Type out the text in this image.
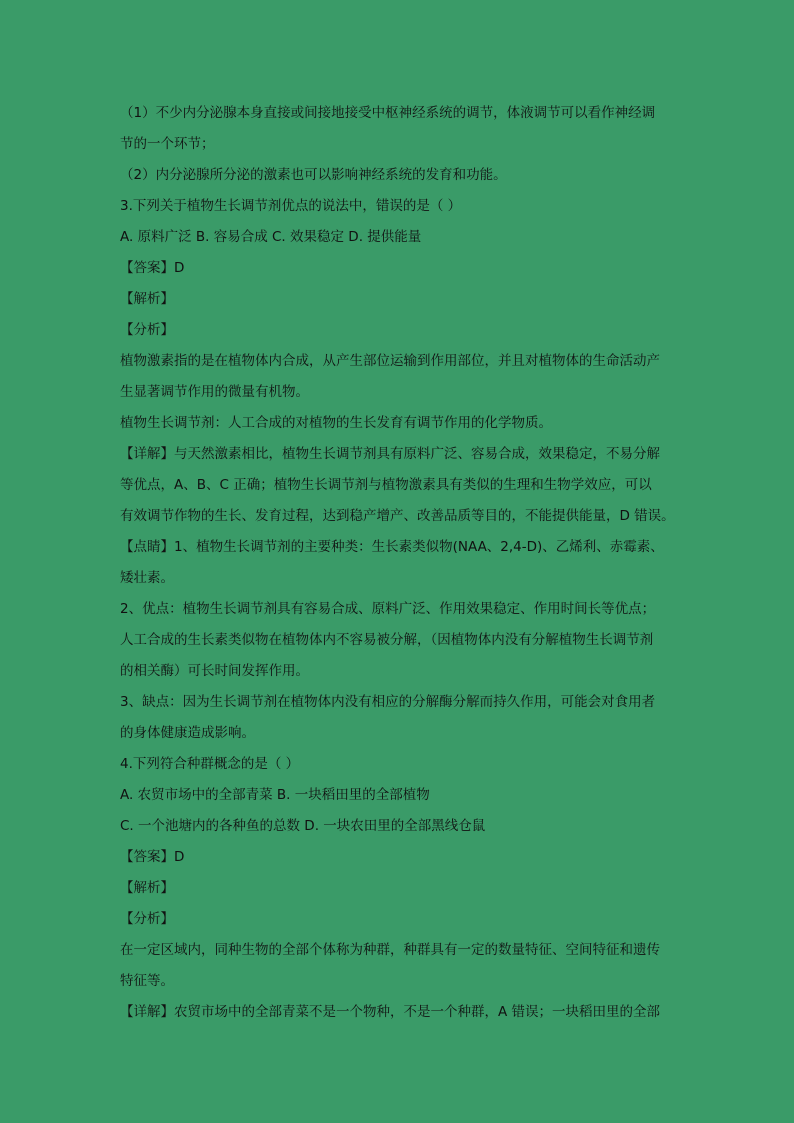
（1）不少内分泌腺本身直接或间接地接受中枢神经系统的调节，体液调节可以看作神经调
节的一个环节；
（2）内分泌腺所分泌的激素也可以影响神经系统的发育和功能。
3.下列关于植物生长调节剂优点的说法中，错误的是（ ）
A. 原料广泛 B. 容易合成 C. 效果稳定 D. 提供能量
【答案】D
【解析】
【分析】
植物激素指的是在植物体内合成，从产生部位运输到作用部位，并且对植物体的生命活动产
生显著调节作用的微量有机物。
植物生长调节剂：人工合成的对植物的生长发育有调节作用的化学物质。
【详解】与天然激素相比，植物生长调节剂具有原料广泛、容易合成，效果稳定，不易分解
等优点，A、B、C 正确；植物生长调节剂与植物激素具有类似的生理和生物学效应，可以
有效调节作物的生长、发育过程，达到稳产增产、改善品质等目的，不能提供能量，D 错误。
【点睛】1、植物生长调节剂的主要种类：生长素类似物(NAA、2,4-D)、乙烯利、赤霉素、
矮壮素。
2、优点：植物生长调节剂具有容易合成、原料广泛、作用效果稳定、作用时间长等优点；
人工合成的生长素类似物在植物体内不容易被分解，（因植物体内没有分解植物生长调节剂
的相关酶）可长时间发挥作用。
3、缺点：因为生长调节剂在植物体内没有相应的分解酶分解而持久作用，可能会对食用者
的身体健康造成影响。
4.下列符合种群概念的是（ ）
A. 农贸市场中的全部青菜 B. 一块稻田里的全部植物
C. 一个池塘内的各种鱼的总数 D. 一块农田里的全部黑线仓鼠
【答案】D
【解析】
【分析】
在一定区域内，同种生物的全部个体称为种群，种群具有一定的数量特征、空间特征和遗传
特征等。
【详解】农贸市场中的全部青菜不是一个物种，不是一个种群，A 错误；一块稻田里的全部
